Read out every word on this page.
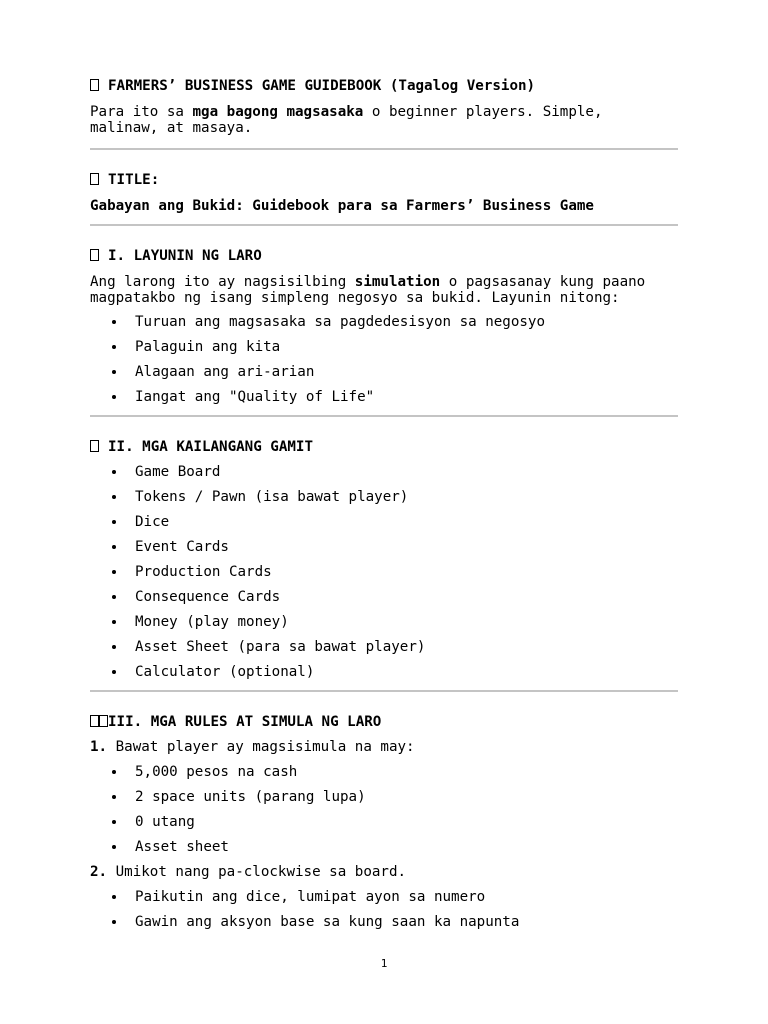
FARMERS’ BUSINESS GAME GUIDEBOOK (Tagalog Version)

Para ito sa mga bagong magsasaka o beginner players. Simple, malinaw, at masaya.

TITLE:

Gabayan ang Bukid: Guidebook para sa Farmers’ Business Game

I. LAYUNIN NG LARO

Ang larong ito ay nagsisilbing simulation o pagsasanay kung paano magpatakbo ng isang simpleng negosyo sa bukid. Layunin nitong:

Turuan ang magsasaka sa pagdedesisyon sa negosyo
Palaguin ang kita
Alagaan ang ari-arian
Iangat ang "Quality of Life"

II. MGA KAILANGANG GAMIT

Game Board
Tokens / Pawn (isa bawat player)
Dice
Event Cards
Production Cards
Consequence Cards
Money (play money)
Asset Sheet (para sa bawat player)
Calculator (optional)

III. MGA RULES AT SIMULA NG LARO

1. Bawat player ay magsisimula na may:

5,000 pesos na cash
2 space units (parang lupa)
0 utang
Asset sheet

2. Umikot nang pa-clockwise sa board.

Paikutin ang dice, lumipat ayon sa numero
Gawin ang aksyon base sa kung saan ka napunta
1
